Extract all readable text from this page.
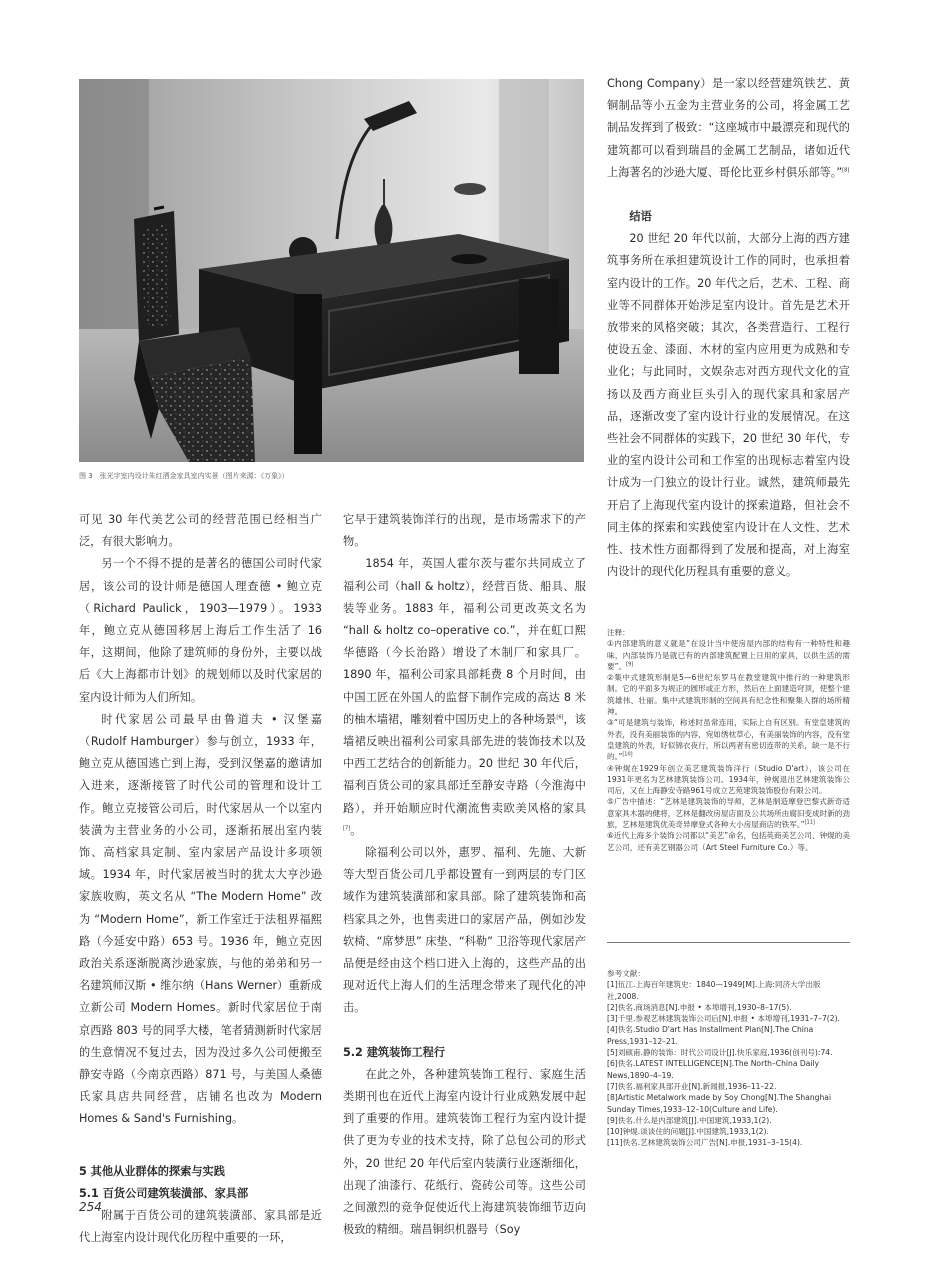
图 3　张光宇室内设计朱红洒金家具室内实景（图片来源：《万象》）

可见 30 年代美艺公司的经营范围已经相当广泛，有很大影响力。

另一个不得不提的是著名的德国公司时代家居，该公司的设计师是德国人理查德 • 鲍立克（Richard Paulick，1903—1979）。1933 年，鲍立克从德国移居上海后工作生活了 16 年，这期间，他除了建筑师的身份外，主要以战后《大上海都市计划》的规划师以及时代家居的室内设计师为人们所知。

时代家居公司最早由鲁道夫 • 汉堡嘉（Rudolf Hamburger）参与创立，1933 年，鲍立克从德国逃亡到上海，受到汉堡嘉的邀请加入进来，逐渐接管了时代公司的管理和设计工作。鲍立克接管公司后，时代家居从一个以室内装潢为主营业务的小公司，逐渐拓展出室内装饰、高档家具定制、室内家居产品设计多项领域。1934 年，时代家居被当时的犹太大亨沙逊家族收购，英文名从 “The Modern Home” 改为 “Modern Home”，新工作室迁于法租界福熙路（今延安中路）653 号。1936 年，鲍立克因政治关系逐渐脱离沙逊家族，与他的弟弟和另一名建筑师汉斯 • 维尔纳（Hans Werner）重新成立新公司 Modern Homes。新时代家居位于南京西路 803 号的同孚大楼，笔者猜测新时代家居的生意情况不复过去，因为没过多久公司便搬至静安寺路（今南京西路）871 号，与美国人桑德氏家具店共同经营，店铺名也改为 Modern Homes & Sand's Furnishing。

5 其他从业群体的探索与实践
5.1 百货公司建筑装潢部、家具部

附属于百货公司的建筑装潢部、家具部是近代上海室内设计现代化历程中重要的一环，

它早于建筑装饰洋行的出现，是市场需求下的产物。

1854 年，英国人霍尔茨与霍尔共同成立了福利公司（hall & holtz），经营百货、船具、服装等业务。1883 年，福利公司更改英文名为 “hall & holtz co–operative co.”，并在虹口熙华德路（今长治路）增设了木制厂和家具厂。1890 年，福利公司家具部耗费 8 个月时间，由中国工匠在外国人的监督下制作完成的高达 8 米的柚木墙裙，雕刻着中国历史上的各种场景[6]，该墙裙反映出福利公司家具部先进的装饰技术以及中西工艺结合的创新能力。20 世纪 30 年代后，福利百货公司的家具部迁至静安寺路（今淮海中路），并开始顺应时代潮流售卖欧美风格的家具[7]。

除福利公司以外，惠罗、福利、先施、大新等大型百货公司几乎都设置有一到两层的专门区域作为建筑装潢部和家具部。除了建筑装饰和高档家具之外，也售卖进口的家居产品，例如沙发软椅、“席梦思” 床垫、“科勒” 卫浴等现代家居产品便是经由这个档口进入上海的，这些产品的出现对近代上海人们的生活理念带来了现代化的冲击。

5.2 建筑装饰工程行

在此之外，各种建筑装饰工程行、家庭生活类期刊也在近代上海室内设计行业成熟发展中起到了重要的作用。建筑装饰工程行为室内设计提供了更为专业的技术支持，除了总包公司的形式外，20 世纪 20 年代后室内装潢行业逐渐细化，出现了油漆行、花纸行、瓷砖公司等。这些公司之间激烈的竞争促使近代上海建筑装饰细节迈向极致的精细。瑞昌铜织机器号（Soy

Chong Company）是一家以经营建筑铁艺、黄铜制品等小五金为主营业务的公司，将金属工艺制品发挥到了极致：“这座城市中最漂亮和现代的建筑都可以看到瑞昌的金属工艺制品，诸如近代上海著名的沙逊大厦、哥伦比亚乡村俱乐部等。”[8]

结语

20 世纪 20 年代以前，大部分上海的西方建筑事务所在承担建筑设计工作的同时，也承担着室内设计的工作。20 年代之后，艺术、工程、商业等不同群体开始涉足室内设计。首先是艺术开放带来的风格突破；其次，各类营造行、工程行使设五金、漆面、木材的室内应用更为成熟和专业化；与此同时，文娱杂志对西方现代文化的宣扬以及西方商业巨头引入的现代家具和家居产品，逐渐改变了室内设计行业的发展情况。在这些社会不同群体的实践下，20 世纪 30 年代，专业的室内设计公司和工作室的出现标志着室内设计成为一门独立的设计行业。诚然，建筑师最先开启了上海现代室内设计的探索道路，但社会不同主体的探索和实践使室内设计在人文性、艺术性、技术性方面都得到了发展和提高，对上海室内设计的现代化历程具有重要的意义。

注释：

①内部建筑的意义就是“在设计当中使房屋内部的结构有一种特性和趣味，内部装饰乃是就已有的内部建筑配置上日用的家具，以供生活的需要”。[9]

②集中式建筑形制是5—6世纪东罗马在教堂建筑中推行的一种建筑形制。它的平面多为规正的圆形或正方形，然后在上面建造穹顶，使整个建筑雄伟、壮丽。集中式建筑形制的空间具有纪念性和聚集人群的场所精神。

③“可是建筑与装饰，称述时虽常连用，实际上自有区别。有堂皇建筑的外表，没有美丽装饰的内容，宛如绣枕草心，有美丽装饰的内容，没有堂皇建筑的外表，好似锦衣夜行，所以两者有密切连带的关系，缺一是不行的。”[10]

④钟熀在1929年创立美艺建筑装饰洋行（Studio D'art），该公司在1931年更名为艺林建筑装饰公司。1934年，钟熀退出艺林建筑装饰公司后，又在上海静安寺路961号成立艺苑建筑装饰股份有限公司。

⑤广告中描述：“艺林是建筑装饰的导师，艺林是制造摩登巴黎式新奇适意家具木器的健将，艺林是翻改房屋店面及公共场所由腐旧变成时新的劲旅，艺林是建筑优美奇异摩登式各种大小房屋商店的铁军。”[11]

⑥近代上海多个装饰公司都以“美艺”命名，包括英商美艺公司、钟熀的美艺公司，还有美艺钢器公司（Art Steel Furniture Co.）等。

参考文献：

[1]伍江.上海百年建筑史：1840—1949[M].上海:同济大学出版社,2008.

[2]佚名.商场消息[N].申报 • 本埠增刊,1930–8–17(5).

[3]千里.参观艺林建筑装饰公司后[N].申报 • 本埠增刊,1931–7–7(2).

[4]佚名.Studio D'art Has Installment Plan[N].The China Press,1931–12–21.

[5]刘硕甫.静的装饰：时代公司设计[J].快乐家庭,1936(创刊号):74.

[6]佚名.LATEST INTELLIGENCE[N].The North–China Daily News,1890–4–19.

[7]佚名.福利家具部开业[N].新闻报,1936–11–22.

[8]Artistic Metalwork made by Soy Chong[N].The Shanghai Sunday Times,1933–12–10(Culture and Life).

[9]佚名.什么是内部建筑[J].中国建筑,1933,1(2).

[10]钟熀.谈谈住的问题[J].中国建筑,1933,1(2).

[11]佚名.艺林建筑装饰公司广告[N].申报,1931–3–15(4).

254
